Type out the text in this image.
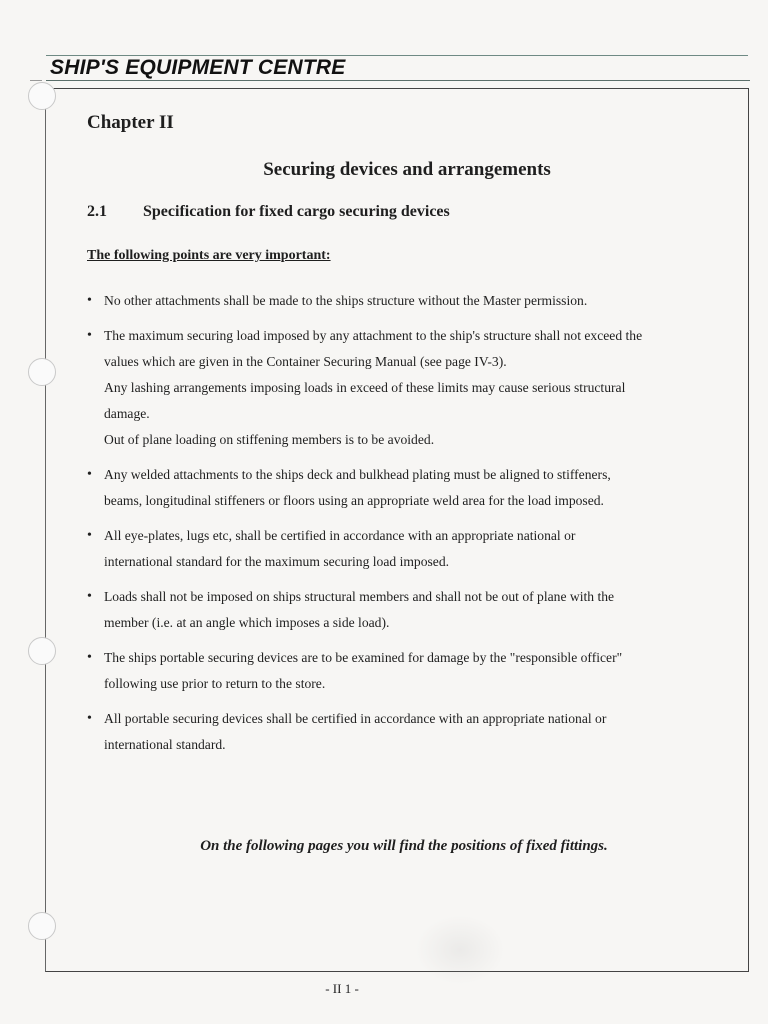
SHIP'S EQUIPMENT CENTRE
Chapter II
Securing devices and arrangements
2.1 Specification for fixed cargo securing devices
The following points are very important:
• No other attachments shall be made to the ships structure without the Master permission.
• The maximum securing load imposed by any attachment to the ship's structure shall not exceed the
values which are given in the Container Securing Manual (see page IV-3).
Any lashing arrangements imposing loads in exceed of these limits may cause serious structural
damage.
Out of plane loading on stiffening members is to be avoided.
• Any welded attachments to the ships deck and bulkhead plating must be aligned to stiffeners,
beams, longitudinal stiffeners or floors using an appropriate weld area for the load imposed.
• All eye-plates, lugs etc, shall be certified in accordance with an appropriate national or
international standard for the maximum securing load imposed.
• Loads shall not be imposed on ships structural members and shall not be out of plane with the
member (i.e. at an angle which imposes a side load).
• The ships portable securing devices are to be examined for damage by the "responsible officer"
following use prior to return to the store.
• All portable securing devices shall be certified in accordance with an appropriate national or
international standard.
On the following pages you will find the positions of fixed fittings.
- II 1 -
